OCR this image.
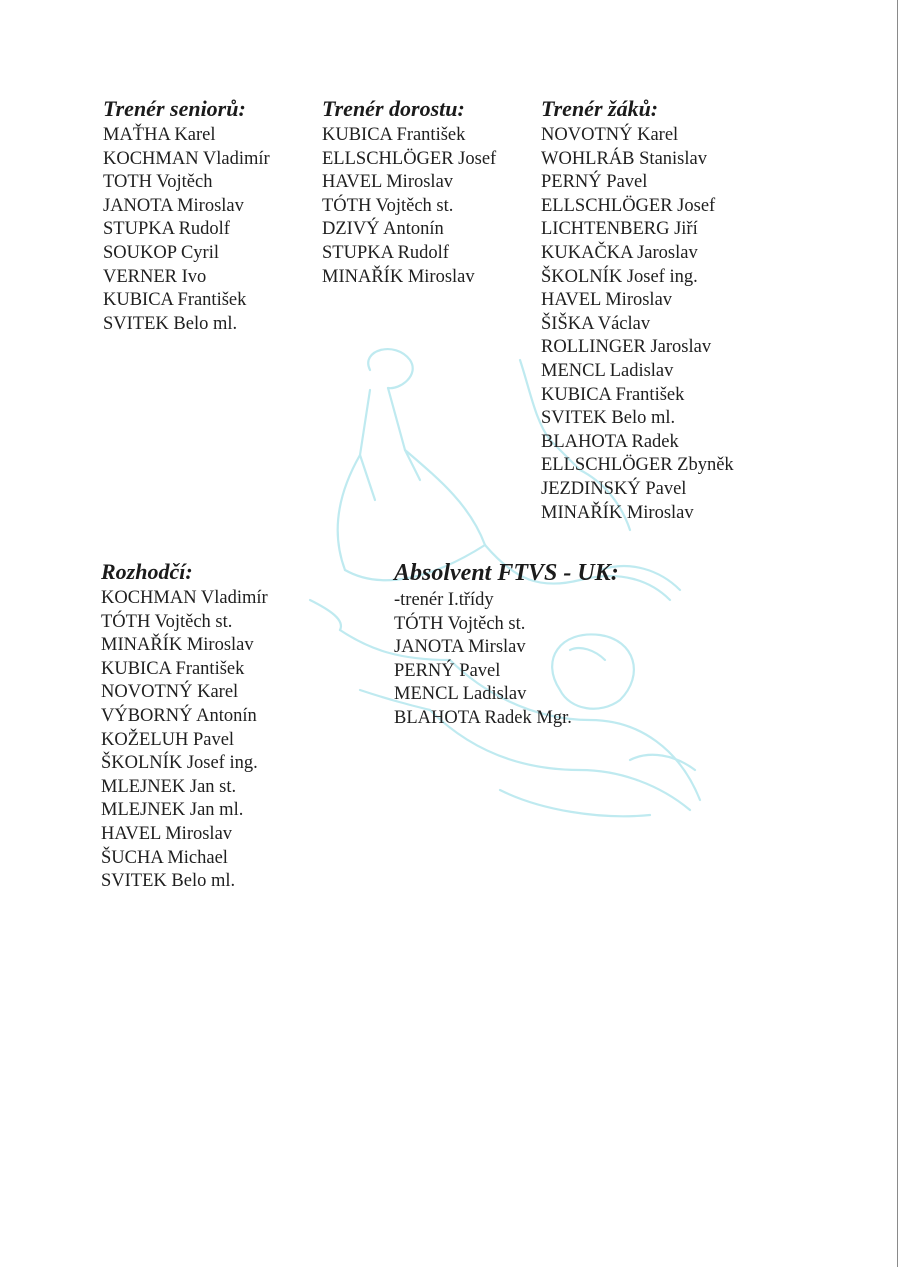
Trenér seniorů:
MAŤHA Karel
KOCHMAN Vladimír
TOTH Vojtěch
JANOTA Miroslav
STUPKA Rudolf
SOUKOP Cyril
VERNER Ivo
KUBICA František
SVITEK Belo ml.
Trenér dorostu:
KUBICA František
ELLSCHLÖGER Josef
HAVEL Miroslav
TÓTH Vojtěch st.
DZIVÝ Antonín
STUPKA Rudolf
MINAŘÍK Miroslav
Trenér žáků:
NOVOTNÝ Karel
WOHLRÁB Stanislav
PERNÝ Pavel
ELLSCHLÖGER Josef
LICHTENBERG Jiří
KUKAČKA Jaroslav
ŠKOLNÍK Josef ing.
HAVEL Miroslav
ŠIŠKA Václav
ROLLINGER Jaroslav
MENCL Ladislav
KUBICA František
SVITEK Belo ml.
BLAHOTA Radek
ELLSCHLÖGER Zbyněk
JEZDINSKÝ Pavel
MINAŘÍK Miroslav
Rozhodčí:
KOCHMAN Vladimír
TÓTH Vojtěch st.
MINAŘÍK Miroslav
KUBICA František
NOVOTNÝ Karel
VÝBORNÝ Antonín
KOŽELUH Pavel
ŠKOLNÍK Josef ing.
MLEJNEK Jan st.
MLEJNEK Jan ml.
HAVEL Miroslav
ŠUCHA Michael
SVITEK Belo ml.
Absolvent FTVS - UK:
-trenér I.třídy
TÓTH Vojtěch st.
JANOTA Mirslav
PERNÝ Pavel
MENCL Ladislav
BLAHOTA Radek Mgr.
